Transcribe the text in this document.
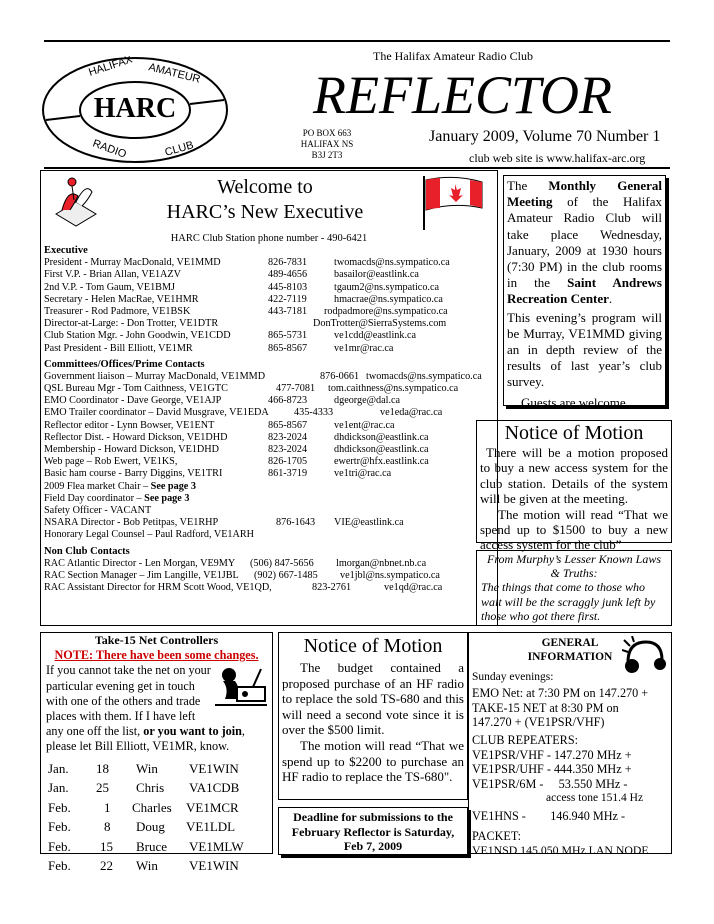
The Halifax Amateur Radio Club
HALIFAX AMATEUR
RADIO	CLUB
HARC	REFLECTOR
PO BOX 663
HALIFAX NS
B3J 2T3
January 2009, Volume 70 Number 1
club web site is www.halifax-arc.org
Welcome to
HARC’s New Executive
HARC Club Station phone number - 490-6421
Executive
President - Murray MacDonald, VE1MMD	826-7831	twomacds@ns.sympatico.ca
First V.P. - Brian Allan, VE1AZV	489-4656	basailor@eastlink.ca
2nd V.P. - Tom Gaum, VE1BMJ	445-8103	tgaum2@ns.sympatico.ca
Secretary - Helen MacRae, VE1HMR	422-7119	hmacrae@ns.sympatico.ca
Treasurer - Rod Padmore, VE1BSK	443-7181 rodpadmore@ns.sympatico.ca
Director-at-Large: - Don Trotter, VE1DTR	DonTrotter@SierraSystems.com
Club Station Mgr. - John Goodwin, VE1CDD	865-5731	ve1cdd@eastlink.ca
Past President - Bill Elliott, VE1MR	865-8567	ve1mr@rac.ca
Committees/Offices/Prime Contacts
Government liaison – Murray MacDonald, VE1MMD	876-0661 twomacds@ns.sympatico.ca
QSL Bureau Mgr - Tom Caithness, VE1GTC	477-7081 tom.caithness@ns.sympatico.ca
EMO Coordinator - Dave George, VE1AJP	466-8723	dgeorge@dal.ca
EMO Trailer coordinator – David Musgrave, VE1EDA 435-4333	ve1eda@rac.ca
Reflector editor - Lynn Bowser, VE1ENT	865-8567	ve1ent@rac.ca
Reflector Dist. - Howard Dickson, VE1DHD	823-2024	dhdickson@eastlink.ca
Membership - Howard Dickson, VE1DHD	823-2024	dhdickson@eastlink.ca
Web page – Rob Ewert, VE1KS,	826-1705	ewertr@hfx.eastlink.ca
Basic ham course - Barry Diggins, VE1TRI	861-3719	ve1tri@rac.ca
2009 Flea market Chair – See page 3
Field Day coordinator – See page 3
Safety Officer - VACANT
NSARA Director - Bob Petitpas, VE1RHP	876-1643 VIE@eastlink.ca
Honorary Legal Counsel – Paul Radford, VE1ARH
Non Club Contacts
RAC Atlantic Director - Len Morgan, VE9MY (506) 847-5656 lmorgan@nbnet.nb.ca
RAC Section Manager – Jim Langille, VE1JBL (902) 667-1485 ve1jbl@ns.sympatico.ca
RAC Assistant Director for HRM Scott Wood, VE1QD,	823-2761	ve1qd@rac.ca
The Monthly General Meeting of the Halifax Amateur Radio Club will take place Wednesday, January, 2009 at 1930 hours (7:30 PM) in the club rooms in the Saint Andrews Recreation Center.
This evening’s program will be Murray, VE1MMD giving an in depth review of the results of last year’s club survey.
Guests are welcome
Notice of Motion
There will be a motion proposed to buy a new access system for the club station. Details of the system will be given at the meeting.
The motion will read “That we spend up to $1500 to buy a new access system for the club”
From Murphy’s Lesser Known Laws
& Truths:
The things that come to those who wait will be the scraggly junk left by those who got there first.
Take-15 Net Controllers
NOTE: There have been some changes.
If you cannot take the net on your particular evening get in touch with one of the others and trade places with them. If I have left any one off the list, or you want to join, please let Bill Elliott, VE1MR, know.
Jan. 18 Win VE1WIN
Jan. 25 Chris VA1CDB
Feb.	1 Charles VE1MCR
Feb.	8 Doug VE1LDL
Feb. 15 Bruce VE1MLW
Feb. 22 Win VE1WIN
Notice of Motion
The budget contained a proposed purchase of an HF radio to replace the sold TS-680 and this will need a second vote since it is over the $500 limit.
The motion will read “That we spend up to $2200 to purchase an HF radio to replace the TS-680".
Deadline for submissions to the
February Reflector is Saturday,
Feb 7, 2009
GENERAL
INFORMATION
Sunday evenings:
EMO Net: at 7:30 PM on 147.270 +
TAKE-15 NET at 8:30 PM on
147.270 + (VE1PSR/VHF)
CLUB REPEATERS:
VE1PSR/VHF - 147.270 MHz +
VE1PSR/UHF - 444.350 MHz +
VE1PSR/6M -     53.550 MHz -
access tone 151.4 Hz
VE1HNS -        146.940 MHz -
PACKET:
VE1NSD 145.050 MHz LAN NODE
